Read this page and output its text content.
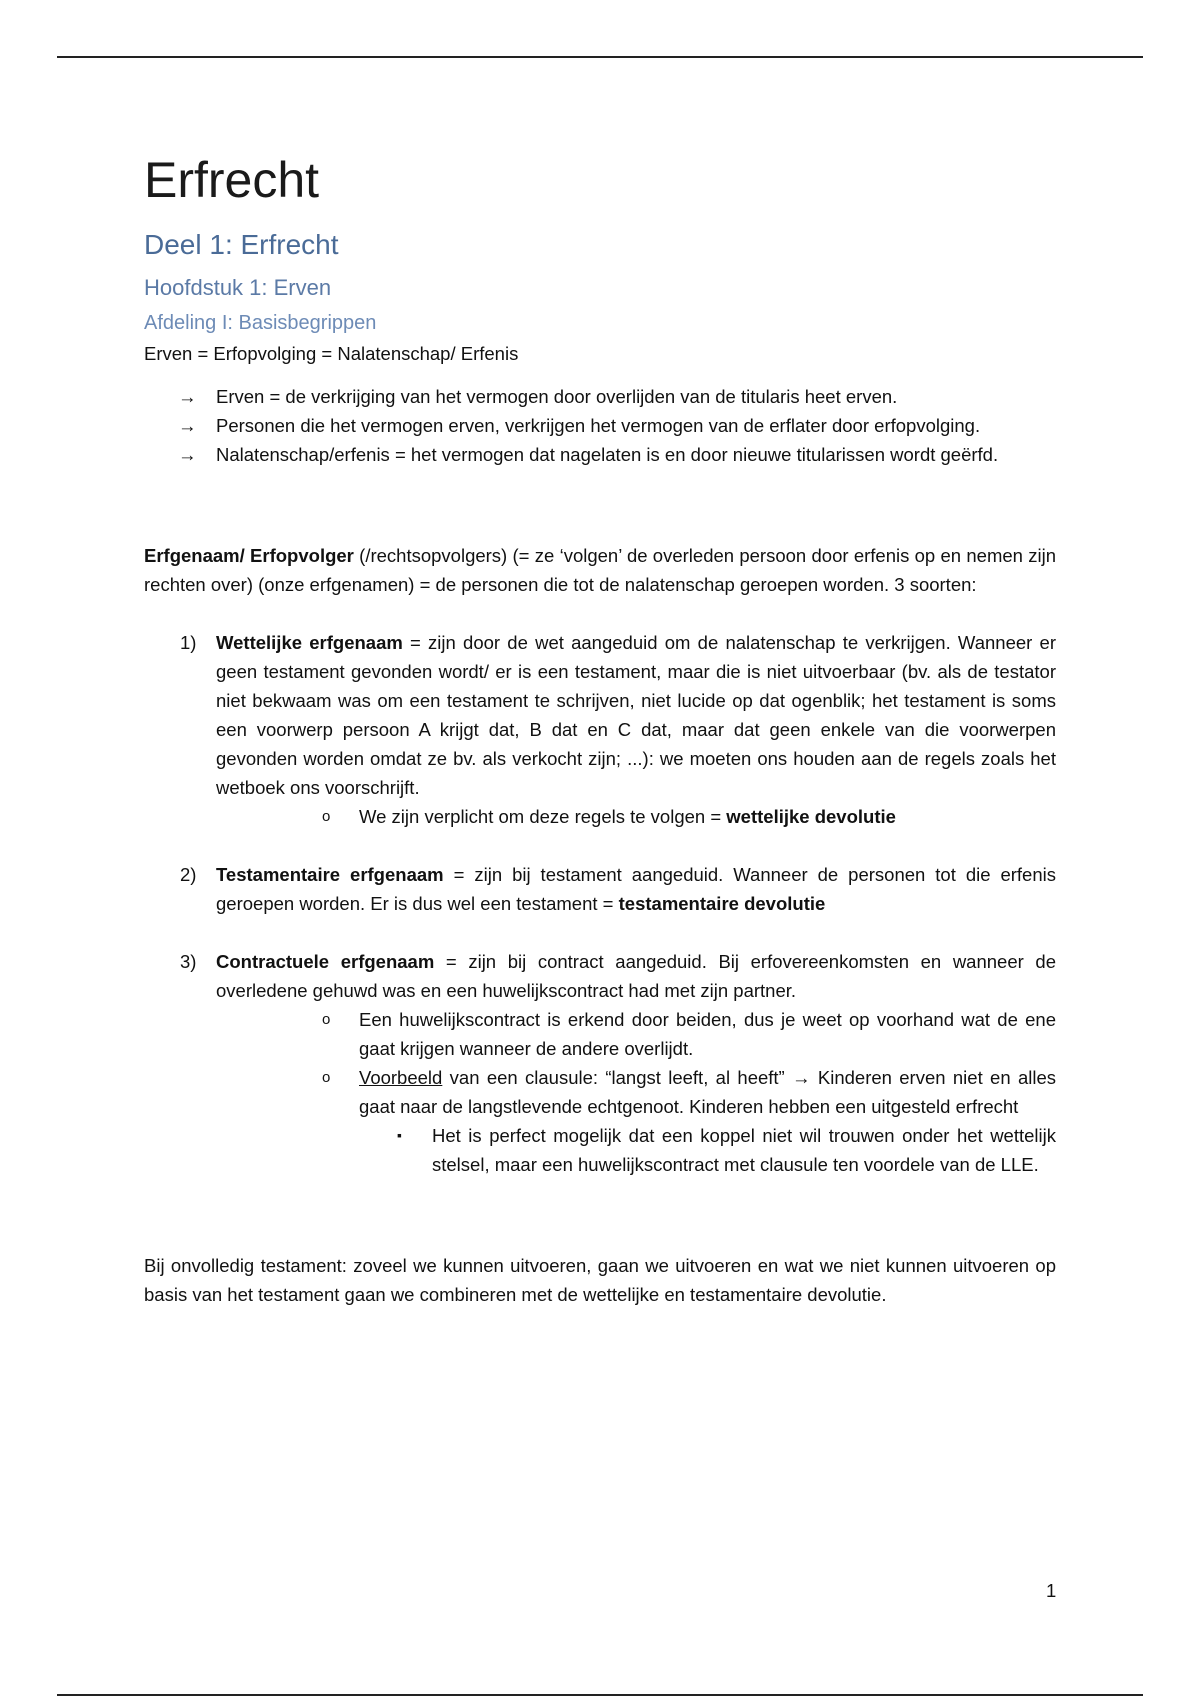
Erfrecht
Deel 1: Erfrecht
Hoofdstuk 1: Erven
Afdeling I: Basisbegrippen

Erven = Erfopvolging = Nalatenschap/ Erfenis

→ Erven = de verkrijging van het vermogen door overlijden van de titularis heet erven.
→ Personen die het vermogen erven, verkrijgen het vermogen van de erflater door erfopvolging.
→ Nalatenschap/erfenis = het vermogen dat nagelaten is en door nieuwe titularissen wordt geërfd.

Erfgenaam/ Erfopvolger (/rechtsopvolgers) (= ze ‘volgen’ de overleden persoon door erfenis op en nemen zijn rechten over) (onze erfgenamen) = de personen die tot de nalatenschap geroepen worden. 3 soorten:

1) Wettelijke erfgenaam = zijn door de wet aangeduid om de nalatenschap te verkrijgen. Wanneer er geen testament gevonden wordt/ er is een testament, maar die is niet uitvoerbaar (bv. als de testator niet bekwaam was om een testament te schrijven, niet lucide op dat ogenblik; het testament is soms een voorwerp persoon A krijgt dat, B dat en C dat, maar dat geen enkele van die voorwerpen gevonden worden omdat ze bv. als verkocht zijn; ...): we moeten ons houden aan de regels zoals het wetboek ons voorschrijft.
o We zijn verplicht om deze regels te volgen = wettelijke devolutie
2) Testamentaire erfgenaam = zijn bij testament aangeduid. Wanneer de personen tot die erfenis geroepen worden. Er is dus wel een testament = testamentaire devolutie
3) Contractuele erfgenaam = zijn bij contract aangeduid. Bij erfovereenkomsten en wanneer de overledene gehuwd was en een huwelijkscontract had met zijn partner.
o Een huwelijkscontract is erkend door beiden, dus je weet op voorhand wat de ene gaat krijgen wanneer de andere overlijdt.
o Voorbeeld van een clausule: “langst leeft, al heeft” → Kinderen erven niet en alles gaat naar de langstlevende echtgenoot. Kinderen hebben een uitgesteld erfrecht
▪ Het is perfect mogelijk dat een koppel niet wil trouwen onder het wettelijk stelsel, maar een huwelijkscontract met clausule ten voordele van de LLE.

Bij onvolledig testament: zoveel we kunnen uitvoeren, gaan we uitvoeren en wat we niet kunnen uitvoeren op basis van het testament gaan we combineren met de wettelijke en testamentaire devolutie.

1
